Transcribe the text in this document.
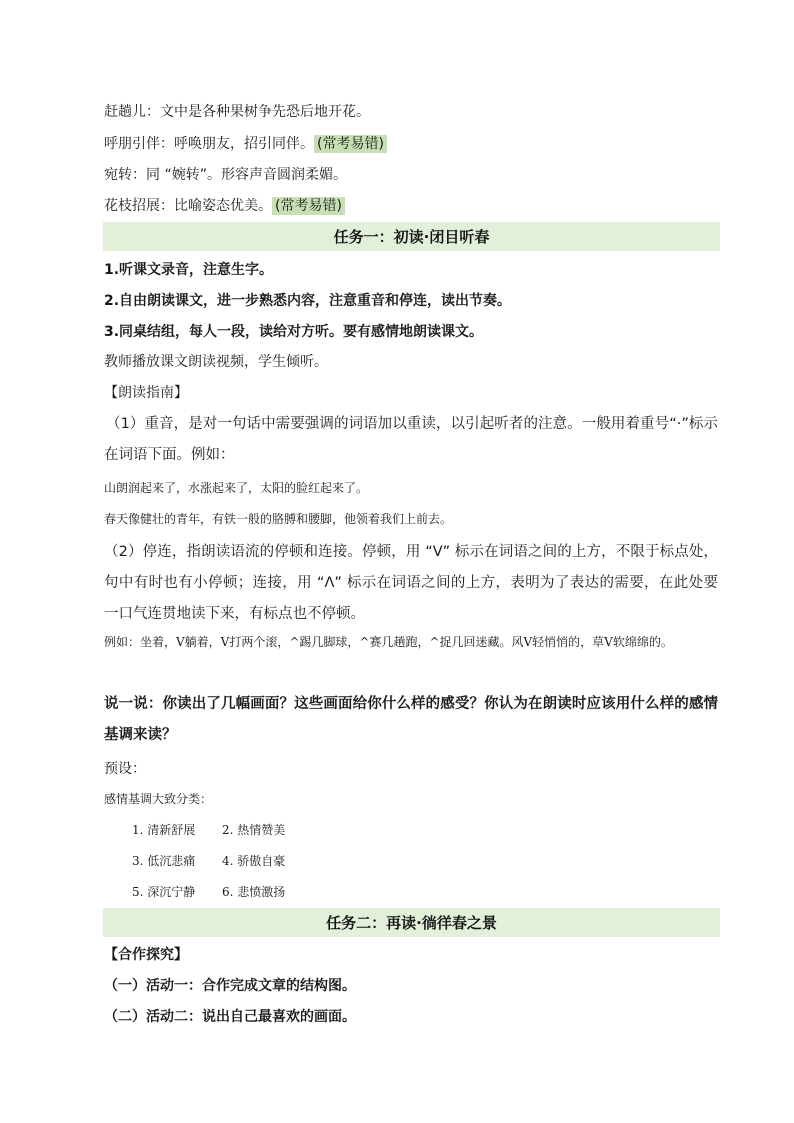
赶趟儿：文中是各种果树争先恐后地开花。
呼朋引伴：呼唤朋友，招引同伴。 (常考易错)
宛转：同 “婉转”。形容声音圆润柔媚。
花枝招展：比喻姿态优美。 (常考易错)
任务一：初读·闭目听春
1.听课文录音，注意生字。
2.自由朗读课文，进一步熟悉内容，注意重音和停连，读出节奏。
3.同桌结组，每人一段，读给对方听。要有感情地朗读课文。
教师播放课文朗读视频，学生倾听。
【朗读指南】
（1）重音，是对一句话中需要强调的词语加以重读，以引起听者的注意。一般用着重号“·”标示在词语下面。例如：
山朗润起来了，水涨起来了，太阳的脸红起来了。
春天像健壮的青年，有铁一般的胳膊和腰脚，他领着我们上前去。
（2）停连，指朗读语流的停顿和连接。停顿，用 “V” 标示在词语之间的上方，不限于标点处，句中有时也有小停顿；连接，用 “Λ” 标示在词语之间的上方，表明为了表达的需要，在此处要一口气连贯地读下来，有标点也不停顿。
例如：坐着，V躺着，V打两个滚，^踢几脚球，^赛几趟跑，^捉几回迷藏。风V轻悄悄的，草V软绵绵的。
说一说：你读出了几幅画面？这些画面给你什么样的感受？你认为在朗读时应该用什么样的感情基调来读？
预设：
感情基调大致分类：
1. 清新舒展 2. 热情赞美
3. 低沉悲痛 4. 骄傲自豪
5. 深沉宁静 6. 悲愤激扬
任务二：再读·徜徉春之景
【合作探究】
（一）活动一：合作完成文章的结构图。
（二）活动二：说出自己最喜欢的画面。
